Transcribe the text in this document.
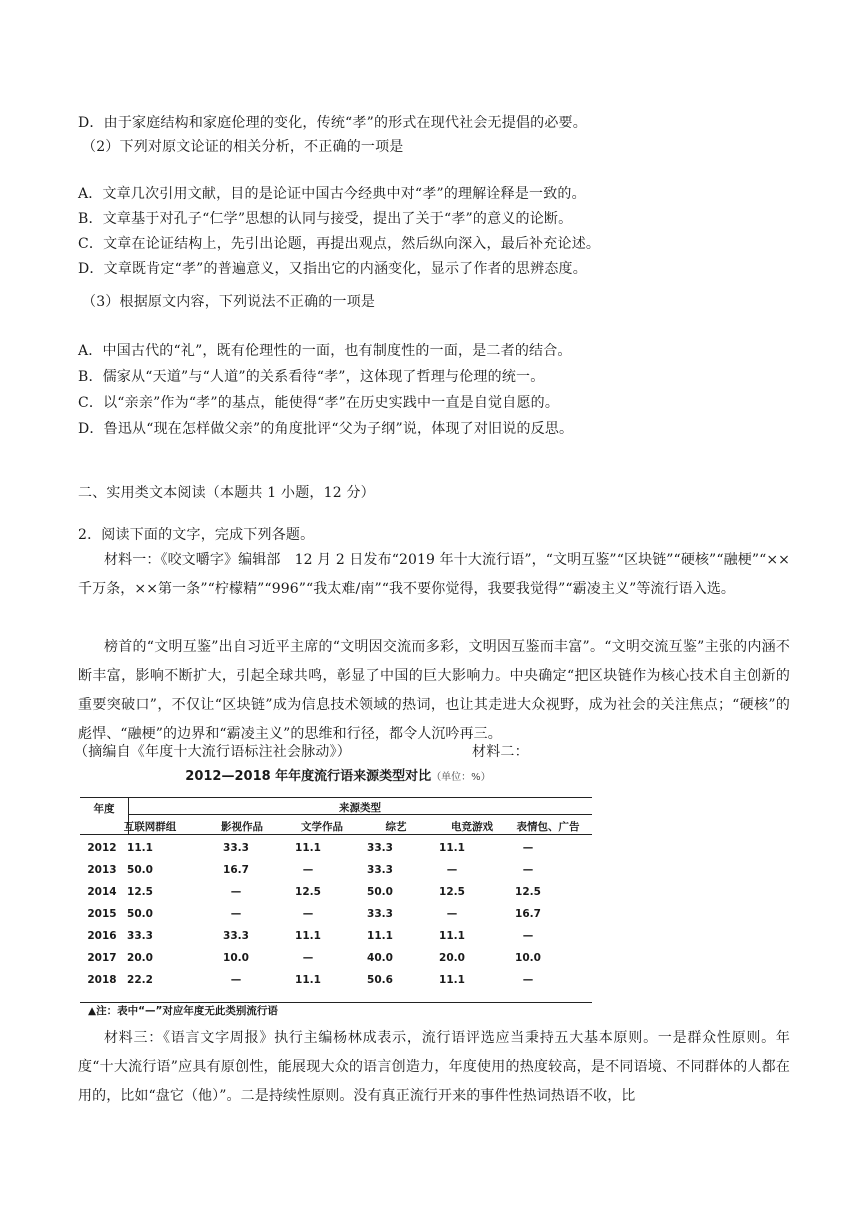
D．由于家庭结构和家庭伦理的变化，传统“孝”的形式在现代社会无提倡的必要。
（2）下列对原文论证的相关分析，不正确的一项是
A．文章几次引用文献，目的是论证中国古今经典中对“孝”的理解诠释是一致的。
B．文章基于对孔子“仁学”思想的认同与接受，提出了关于“孝”的意义的论断。
C．文章在论证结构上，先引出论题，再提出观点，然后纵向深入，最后补充论述。
D．文章既肯定“孝”的普遍意义，又指出它的内涵变化，显示了作者的思辨态度。
（3）根据原文内容，下列说法不正确的一项是
A．中国古代的“礼”，既有伦理性的一面，也有制度性的一面，是二者的结合。
B．儒家从“天道”与“人道”的关系看待“孝”，这体现了哲理与伦理的统一。
C．以“亲亲”作为“孝”的基点，能使得“孝”在历史实践中一直是自觉自愿的。
D．鲁迅从“现在怎样做父亲”的角度批评“父为子纲”说，体现了对旧说的反思。
二、实用类文本阅读（本题共 1 小题，12 分）
2．阅读下面的文字，完成下列各题。
材料一：《咬文嚼字》编辑部　12 月 2 日发布“2019 年十大流行语”，“文明互鉴”“区块链”“硬核”“融梗”“××千万条，××第一条”“柠檬精”“996”“我太难/南”“我不要你觉得，我要我觉得”“霸凌主义”等流行语入选。
榜首的“文明互鉴”出自习近平主席的“文明因交流而多彩，文明因互鉴而丰富”。“文明交流互鉴”主张的内涵不断丰富，影响不断扩大，引起全球共鸣，彰显了中国的巨大影响力。中央确定“把区块链作为核心技术自主创新的重要突破口”，不仅让“区块链”成为信息技术领域的热词，也让其走进大众视野，成为社会的关注焦点；“硬核”的彪悍、“融梗”的边界和“霸凌主义”的思维和行径，都令人沉吟再三。
（摘编自《年度十大流行语标注社会脉动》）	材料二：
2012—2018 年年度流行语来源类型对比（单位：%）
年度	来源类型
互联网群组	影视作品	文学作品	综艺	电竞游戏	表情包、广告
2012 11.1	33.3	11.1	33.3	11.1	—
2013 50.0	16.7	—	33.3	—	—
2014 12.5	—	12.5	50.0	12.5	12.5
2015 50.0	—	—	33.3	—	16.7
2016 33.3	33.3	11.1	11.1	11.1	—
2017 20.0	10.0	—	40.0	20.0	10.0
2018 22.2	—	11.1	50.6	11.1	—
▲注：表中“—”对应年度无此类别流行语
材料三：《语言文字周报》执行主编杨林成表示，流行语评选应当秉持五大基本原则。一是群众性原则。年度“十大流行语”应具有原创性，能展现大众的语言创造力，年度使用的热度较高，是不同语境、不同群体的人都在用的，比如“盘它（他）”。二是持续性原则。没有真正流行开来的事件性热词热语不收，比
